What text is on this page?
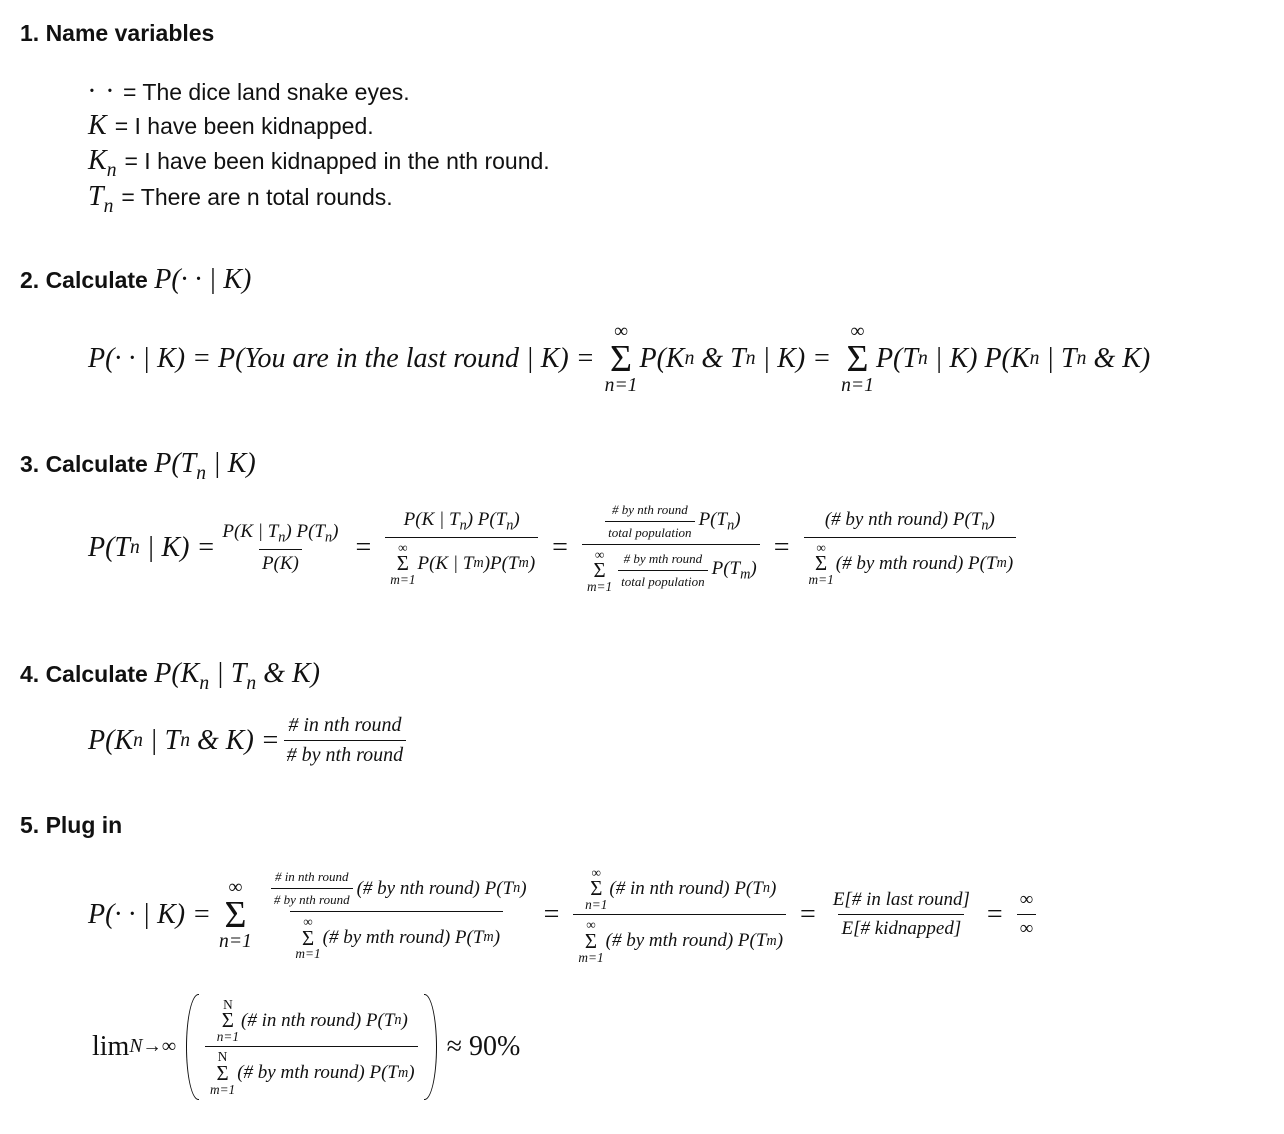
1. Name variables
· · = The dice land snake eyes.
K = I have been kidnapped.
$K_n = I$ have been kidnapped in the nth round.
$T_n$ = There are n total rounds.
2. Calculate P(· · | K)
P(· · | K) =
P(You are in the last round | K) =
∞
Σ
n=1
P(K n
& T n
| K) =
∞
Σ
n=1
P(T n
| K) P(K n
| T n
& K)
3. Calculate $P(T_n$ | K)
P(T n
| $K) = \frac{P(K | T_n) P(T_n)}{P(K)} = P(K$ | $T_n$) $P(T_n)$
∞
Σ
m=1
P(K | T m )P(T m ) = $\frac{\text{\# by nth round}}{\text{total population}} P(T_n)$
∞
Σ
$m=1 \frac{\text{\# by mth round}}{\text{total population}} P(T_m)$ = (# by nth round) $P(T_n)$
∞
Σ
m=1
(# by mth round) P(T m )
4. Calculate $P(K_n$ | $T_n$ & K)
P(K n
| T n
& $K) = \frac{\text{\# in nth round}}{\text{\# by nth round}}$
5. Plug in
P(· · | K) =
∞
Σ
$n=1 \frac{\text{\# in nth round}}{\text{\# by nth round}}$ (# by nth round) P(T n )
∞
Σ
m=1
(# by mth round) P(T m ) = ∞
Σ
n=1
(# in nth round) P(T n )
∞
Σ
m=1
(# by mth round) P(T m ) = $\frac{\text{E[\# in last round]}}{\text{E[\# kidnapped]}} = \frac{\infty}{\infty}$
lim N→∞ N
Σ
n=1
(# in nth round) P(T n )
N
Σ
m=1
(# by mth round) P(T m ) ≈ 90%
